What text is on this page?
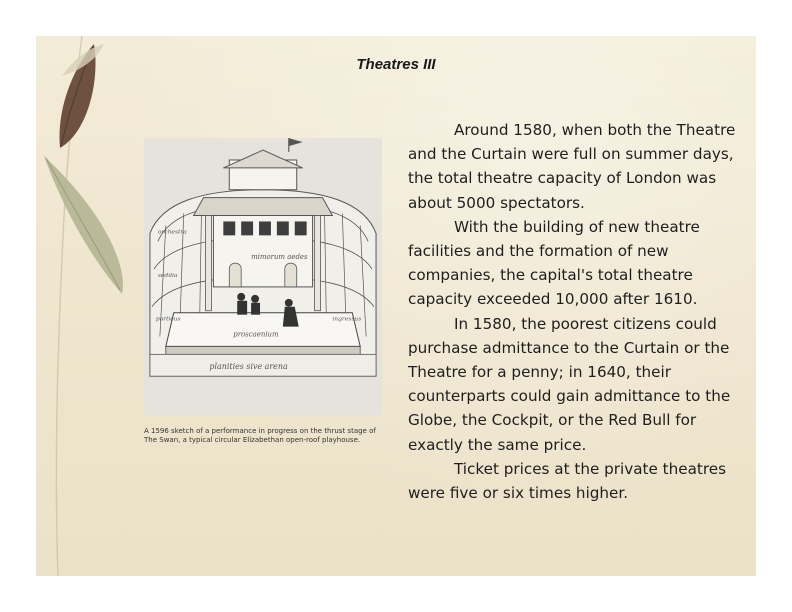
Theatres III
mimorum aedes
proscaenium
planities sive arena
orchestra
sedilia
porticus	ingressus
A 1596 sketch of a performance in progress on the thrust stage of The Swan, a typical circular Elizabethan open-roof playhouse.

Around 1580, when both the Theatre and the Curtain were full on summer days, the total theatre capacity of London was about 5000 spectators.

With the building of new theatre facilities and the formation of new companies, the capital's total theatre capacity exceeded 10,000 after 1610.

In 1580, the poorest citizens could purchase admittance to the Curtain or the Theatre for a penny; in 1640, their counterparts could gain admittance to the Globe, the Cockpit, or the Red Bull for exactly the same price.

Ticket prices at the private theatres were five or six times higher.
